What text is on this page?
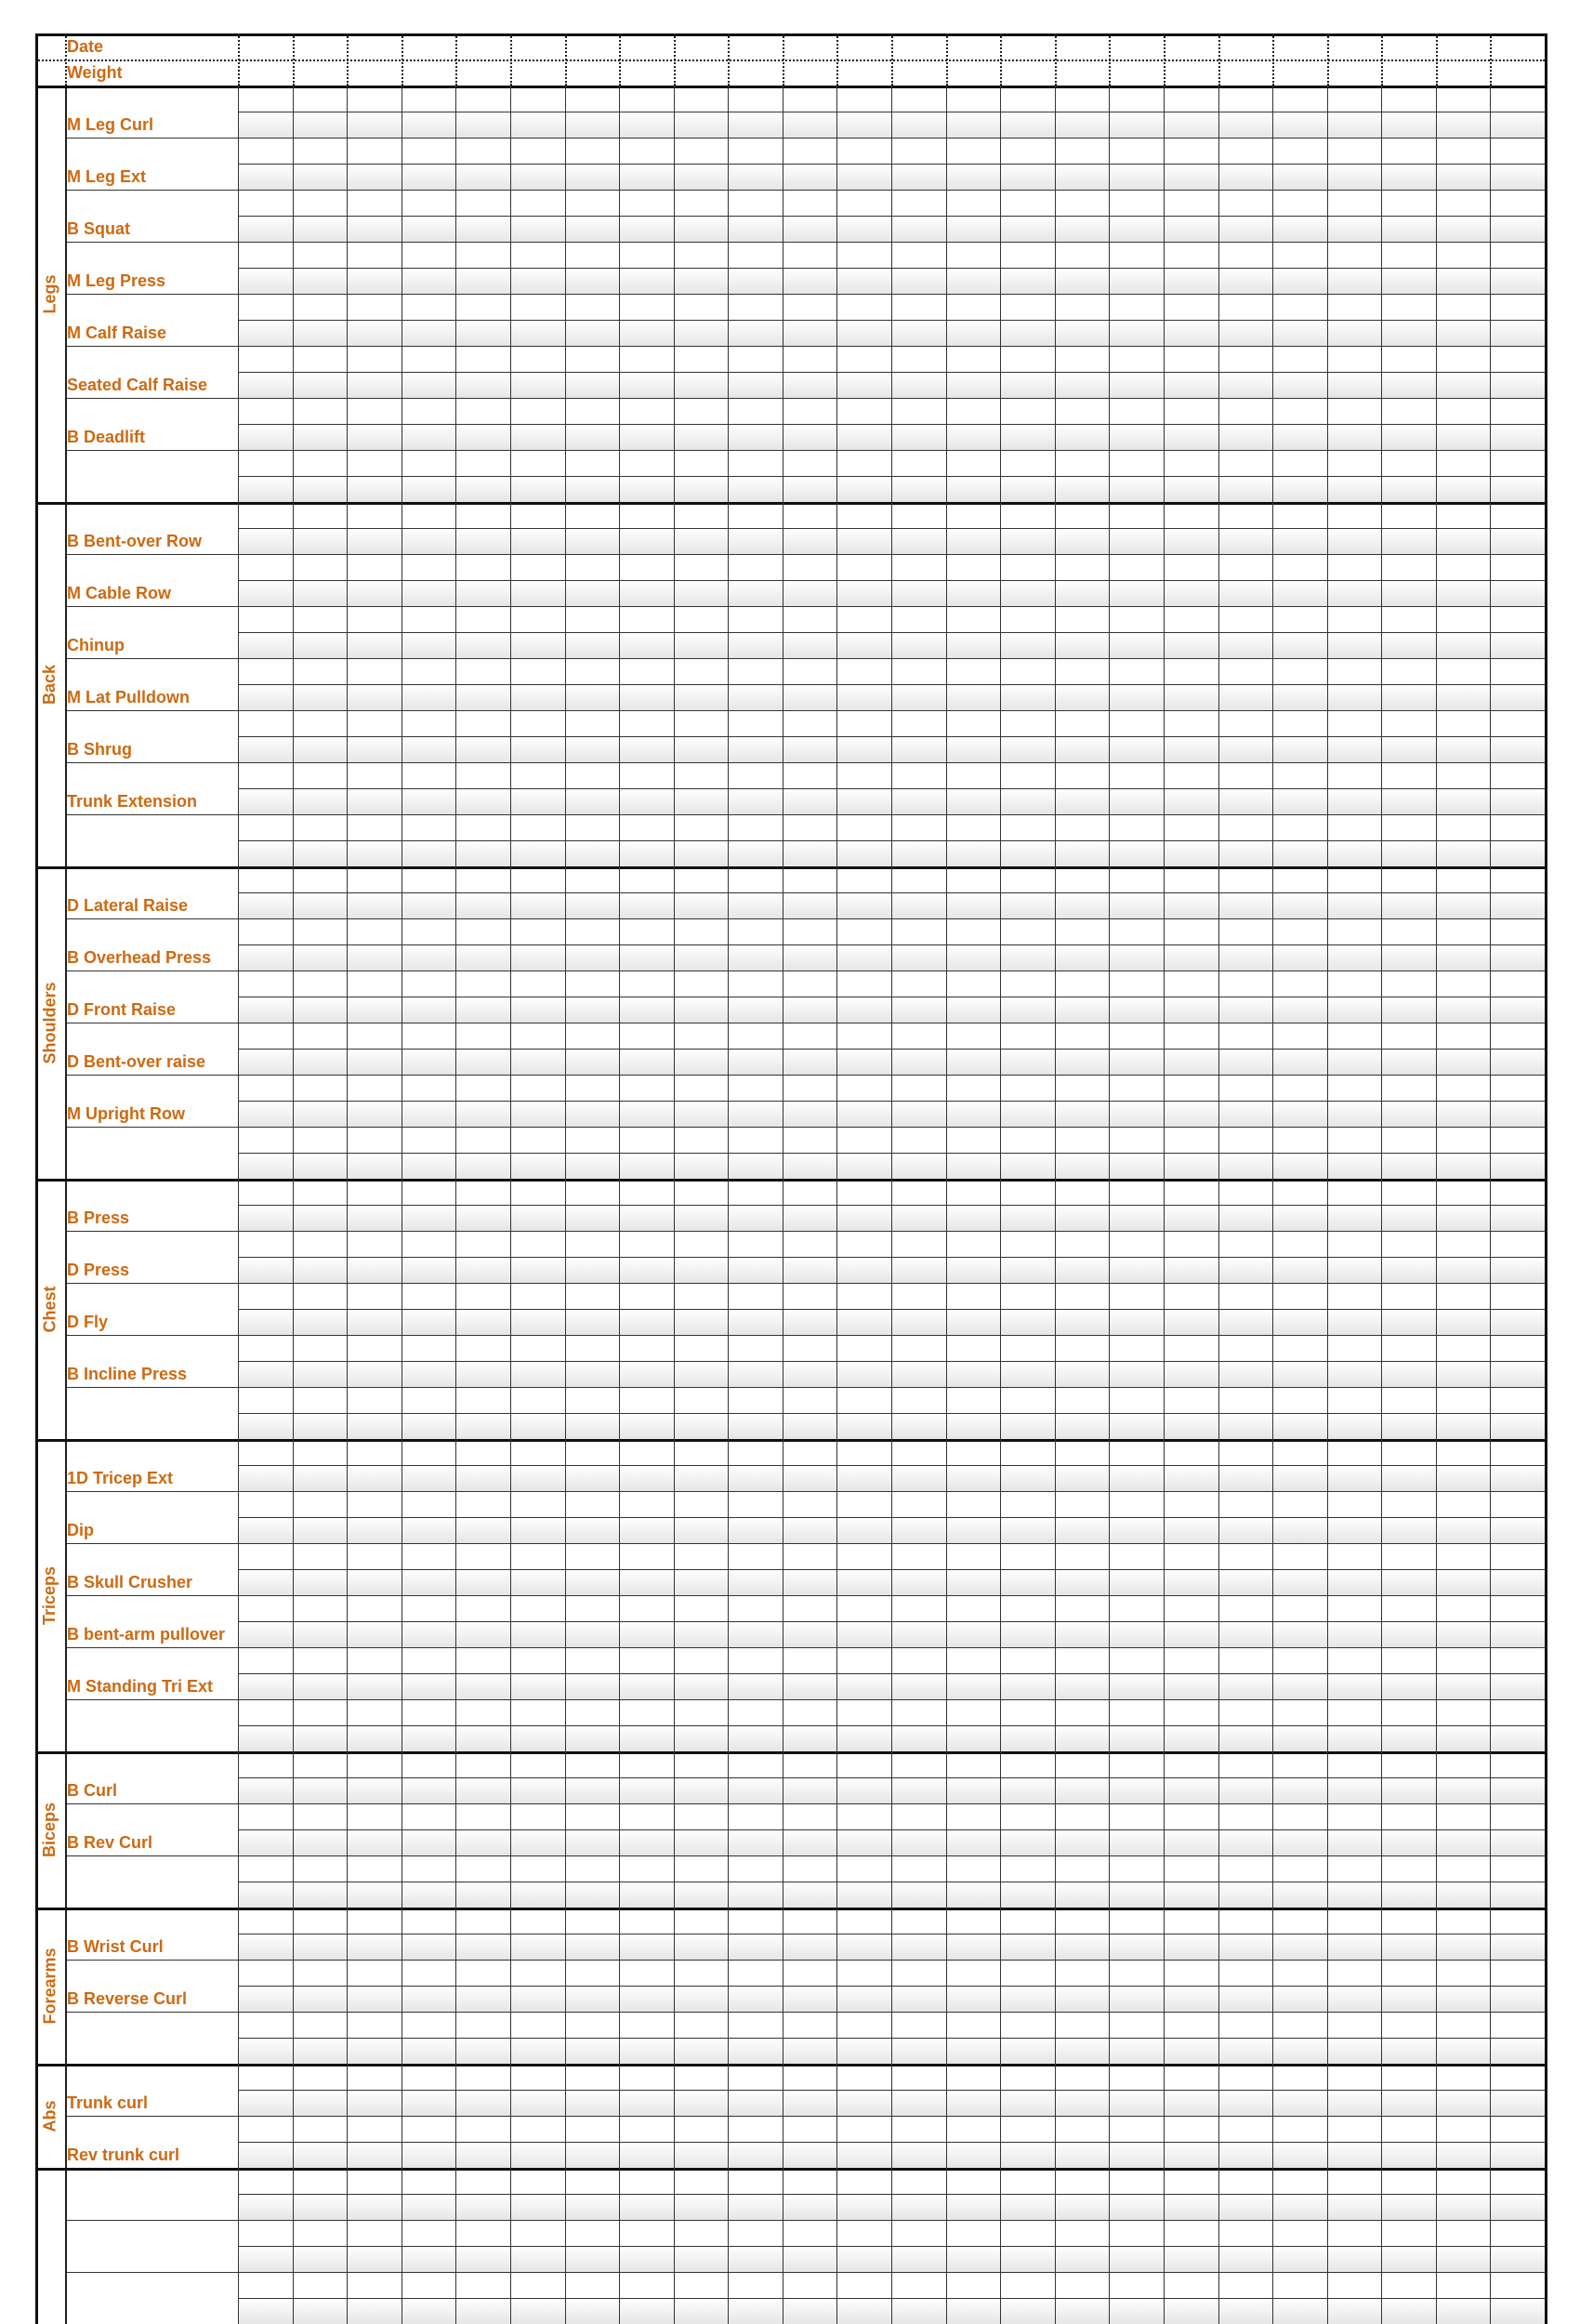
Date
Weight
Legs
M Leg Curl
M Leg Ext
B Squat
M Leg Press
M Calf Raise
Seated Calf Raise
B Deadlift
Back
B Bent-over Row
M Cable Row
Chinup
M Lat Pulldown
B Shrug
Trunk Extension
Shoulders
D Lateral Raise
B Overhead Press
D Front Raise
D Bent-over raise
M Upright Row
Chest
B Press
D Press
D Fly
B Incline Press
Triceps
1D Tricep Ext
Dip
B Skull Crusher
B bent-arm pullover
M Standing Tri Ext
Biceps
B Curl
B Rev Curl
Forearms
B Wrist Curl
B Reverse Curl
Abs Trunk curl
Rev trunk curl
